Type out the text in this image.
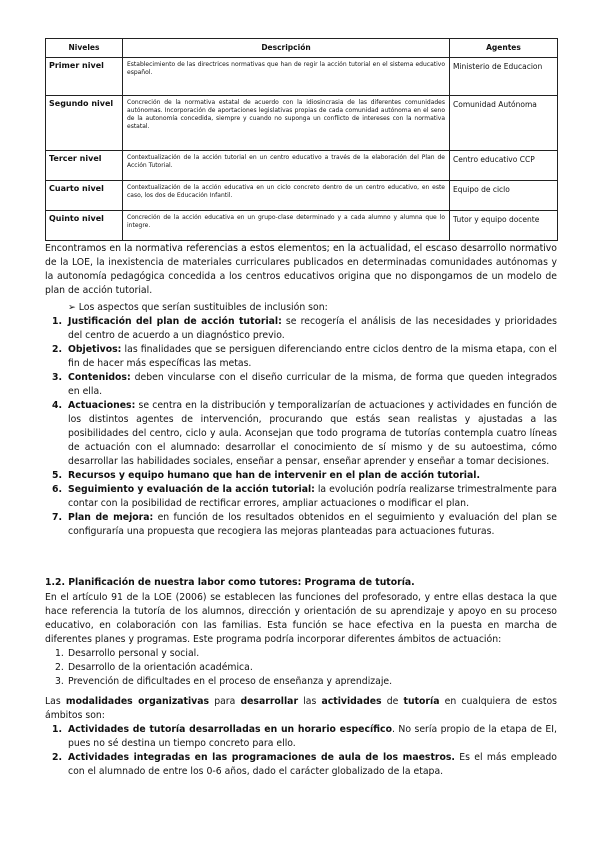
Niveles	Descripción	Agentes
Primer nivel	Establecimiento de las directrices normativas que han de regir la acción tutorial en el sistema educativo español.	Ministerio de Educacion
Segundo nivel	Concreción de la normativa estatal de acuerdo con la idiosincrasia de las diferentes comunidades autónomas. Incorporación de aportaciones legislativas propias de cada comunidad autónoma en el seno de la autonomía concedida, siempre y cuando no suponga un conflicto de intereses con la normativa estatal.	Comunidad Autónoma
Tercer nivel	Contextualización de la acción tutorial en un centro educativo a través de la elaboración del Plan de Acción Tutorial.	Centro educativo CCP
Cuarto nivel	Contextualización de la acción educativa en un ciclo concreto dentro de un centro educativo, en este caso, los dos de Educación Infantil.	Equipo de ciclo
Quinto nivel	Concreción de la acción educativa en un grupo-clase determinado y a cada alumno y alumna que lo integre.	Tutor y equipo docente

Encontramos en la normativa referencias a estos elementos; en la actualidad, el escaso desarrollo normativo de la LOE, la inexistencia de materiales curriculares publicados en determinadas comunidades autónomas y la autonomía pedagógica concedida a los centros educativos origina que no dispongamos de un modelo de plan de acción tutorial.

➢ Los aspectos que serían sustituibles de inclusión son:

1. Justificación del plan de acción tutorial: se recogería el análisis de las necesidades y prioridades del centro de acuerdo a un diagnóstico previo.
2. Objetivos: las finalidades que se persiguen diferenciando entre ciclos dentro de la misma etapa, con el fin de hacer más específicas las metas.
3. Contenidos: deben vincularse con el diseño curricular de la misma, de forma que queden integrados en ella.
4. Actuaciones: se centra en la distribución y temporalizarían de actuaciones y actividades en función de los distintos agentes de intervención, procurando que estás sean realistas y ajustadas a las posibilidades del centro, ciclo y aula. Aconsejan que todo programa de tutorías contempla cuatro líneas de actuación con el alumnado: desarrollar el conocimiento de sí mismo y de su autoestima, cómo desarrollar las habilidades sociales, enseñar a pensar, enseñar aprender y enseñar a tomar decisiones.
5. Recursos y equipo humano que han de intervenir en el plan de acción tutorial.
6. Seguimiento y evaluación de la acción tutorial: la evolución podría realizarse trimestralmente para contar con la posibilidad de rectificar errores, ampliar actuaciones o modificar el plan.
7. Plan de mejora: en función de los resultados obtenidos en el seguimiento y evaluación del plan se configuraría una propuesta que recogiera las mejoras planteadas para actuaciones futuras.

1.2. Planificación de nuestra labor como tutores: Programa de tutoría.

En el artículo 91 de la LOE (2006) se establecen las funciones del profesorado, y entre ellas destaca la que hace referencia la tutoría de los alumnos, dirección y orientación de su aprendizaje y apoyo en su proceso educativo, en colaboración con las familias. Esta función se hace efectiva en la puesta en marcha de diferentes planes y programas. Este programa podría incorporar diferentes ámbitos de actuación:

1. Desarrollo personal y social.
2. Desarrollo de la orientación académica.
3. Prevención de dificultades en el proceso de enseñanza y aprendizaje.

Las modalidades organizativas para desarrollar las actividades de tutoría en cualquiera de estos ámbitos son:

1. Actividades de tutoría desarrolladas en un horario específico. No sería propio de la etapa de EI, pues no sé destina un tiempo concreto para ello.
2. Actividades integradas en las programaciones de aula de los maestros. Es el más empleado con el alumnado de entre los 0-6 años, dado el carácter globalizado de la etapa.
